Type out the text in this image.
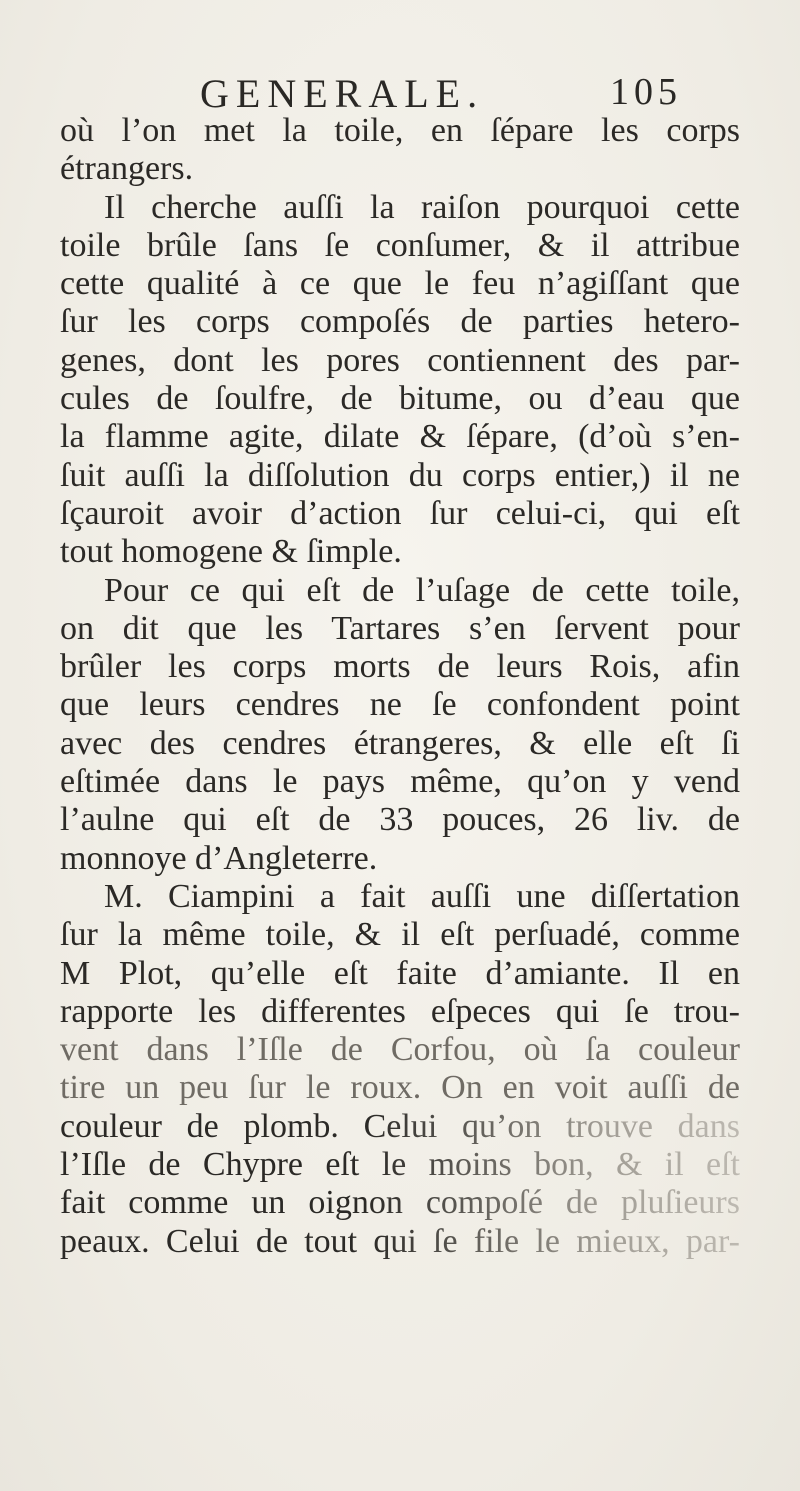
GENERALE.	105
où l’on met la toile, en ſépare les corps
étrangers.
Il cherche auſſi la raiſon pourquoi cette
toile brûle ſans ſe conſumer, & il attribue
cette qualité à ce que le feu n’agiſſant que
ſur les corps compoſés de parties hetero-
genes, dont les pores contiennent des par-
cules de ſoulfre, de bitume, ou d’eau que
la flamme agite, dilate & ſépare, (d’où s’en-
ſuit auſſi la diſſolution du corps entier,) il ne
ſçauroit avoir d’action ſur celui-ci, qui eſt
tout homogene & ſimple.
Pour ce qui eſt de l’uſage de cette toile,
on dit que les Tartares s’en ſervent pour
brûler les corps morts de leurs Rois, afin
que leurs cendres ne ſe confondent point
avec des cendres étrangeres, & elle eſt ſi
eſtimée dans le pays même, qu’on y vend
l’aulne qui eſt de 33 pouces, 26 liv. de
monnoye d’Angleterre.
M. Ciampini a fait auſſi une diſſertation
ſur la même toile, & il eſt perſuadé, comme
M Plot, qu’elle eſt faite d’amiante. Il en
rapporte les differentes eſpeces qui ſe trou-
vent dans l’Iſle de Corfou, où ſa couleur
tire un peu ſur le roux. On en voit auſſi de
couleur de plomb. Celui qu’on trouve dans
l’Iſle de Chypre eſt le moins bon, & il eſt
fait comme un oignon compoſé de pluſieurs
peaux. Celui de tout qui ſe file le mieux, par-
